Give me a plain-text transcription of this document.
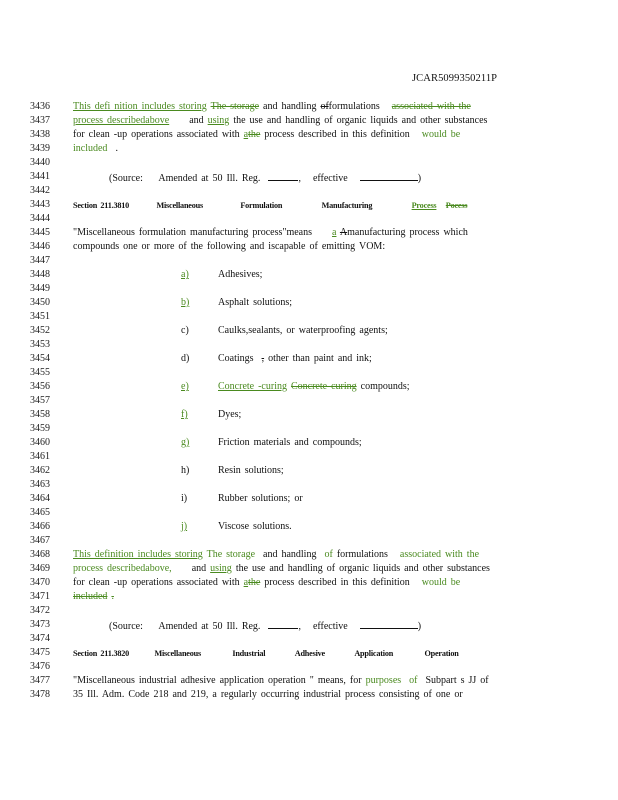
JCAR5099350211P
3436
3437
3438
3439
3440
3441
3442
3443
3444
3445
3446
3447
3448
3449
3450
3451
3452
3453
3454
3455
3456
3457
3458
3459
3460
3461
3462
3463
3464
3465
3466
3467
3468
3469
3470
3471
3472
3473
3474
3475
3476
3477
3478
This defi nition includes storing The storage and handling offormulations associated with the
process describedabove and using the use and handling of organic liquids and other substances
for clean -up operations associated with athe process described in this definition would be
included .
(Source: Amended at 50 Ill. Reg.	, effective	)
Section 211.3810	Miscellaneous	Formulation	Manufacturing	Process Pocess
"Miscellaneous formulation manufacturing process"means a Amanufacturing process which
compounds one or more of the following and iscapable of emitting VOM:
a)	Adhesives;
b)	Asphalt solutions;
c)	Caulks,sealants, or waterproofing agents;
d)	Coatings , other than paint and ink;
e)	Concrete -curing Concrete curing compounds;
f)	Dyes;
g)	Friction materials and compounds;
h)	Resin solutions;
i)	Rubber solutions; or
j)	Viscose solutions.
This definition includes storing The storage and handling of formulations associated with the
process describedabove, and using the use and handling of organic liquids and other substances
for clean -up operations associated with athe process described in this definition would be
included .
(Source: Amended at 50 Ill. Reg.	, effective	)
Section 211.3820	Miscellaneous	Industrial	Adhesive	Application	Operation
"Miscellaneous industrial adhesive application operation " means, for purposes of Subpart s JJ of
35 Ill. Adm. Code 218 and 219, a regularly occurring industrial process consisting of one or
